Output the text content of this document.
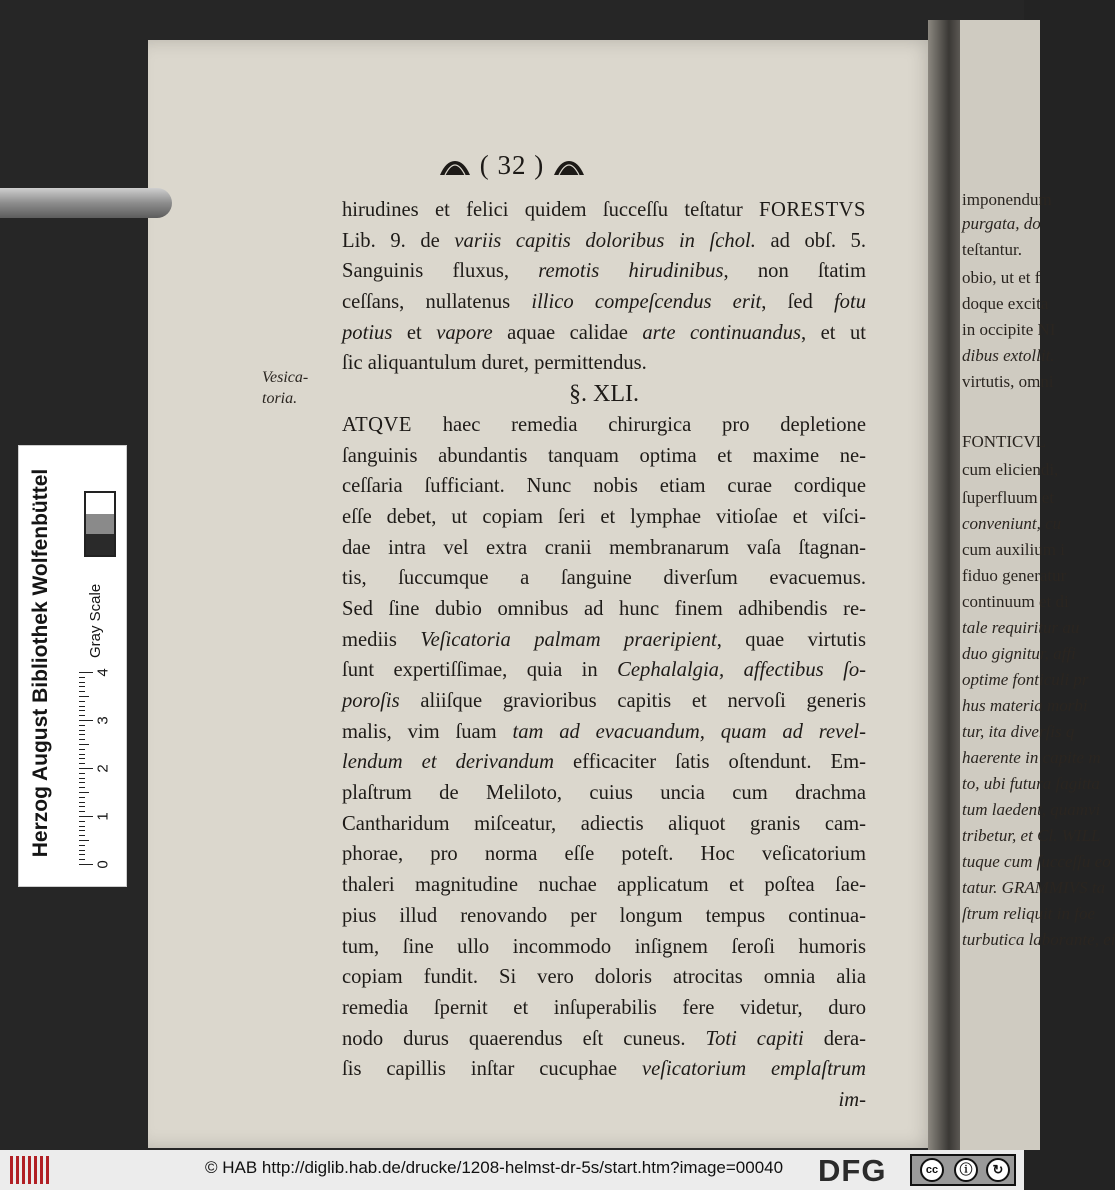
imponendum
purgata, do
teſtantur.
obio, ut et f
doque excita
in occipite NI
dibus extollit.
virtutis, omni
FONTICVL
cum eliciendi,
ſuperfluum et
conveniunt, cu
cum auxilium i
fiduo generatur
continuum et di
tale requiritur au
duo gignitur, affi
optime fonticuli pr
hus materia morbi
tur, ita diverſis q
haerente in capite m
to, ubi futura ſagitta
tum laedent, quamvi
tribetur, et Cl. WILL
tuque cum ſucceſſu eo
tatur. GRAMMIVS ta
ſtrum reliquit in foe
turbutica laborante, ei
( 32 )
Vesica-
toria.
hirudines et felici quidem ſucceſſu teſtatur FORESTVS
Lib. 9. de variis capitis doloribus in ſchol. ad obſ. 5.
Sanguinis fluxus, remotis hirudinibus, non ſtatim
ceſſans, nullatenus illico compeſcendus erit, ſed fotu
potius et vapore aquae calidae arte continuandus, et ut
ſic aliquantulum duret, permittendus.
§. XLI.
ATQVE haec remedia chirurgica pro depletione
ſanguinis abundantis tanquam optima et maxime ne-
ceſſaria ſufficiant. Nunc nobis etiam curae cordique
eſſe debet, ut copiam ſeri et lymphae vitioſae et viſci-
dae intra vel extra cranii membranarum vaſa ſtagnan-
tis, ſuccumque a ſanguine diverſum evacuemus.
Sed ſine dubio omnibus ad hunc finem adhibendis re-
mediis Veſicatoria palmam praeripient, quae virtutis
ſunt expertiſſimae, quia in Cephalalgia, affectibus ſo-
poroſis aliiſque gravioribus capitis et nervoſi generis
malis, vim ſuam tam ad evacuandum, quam ad revel-
lendum et derivandum efficaciter ſatis oſtendunt. Em-
plaſtrum de Meliloto, cuius uncia cum drachma
Cantharidum miſceatur, adiectis aliquot granis cam-
phorae, pro norma eſſe poteſt. Hoc veſicatorium
thaleri magnitudine nuchae applicatum et poſtea ſae-
pius illud renovando per longum tempus continua-
tum, ſine ullo incommodo inſignem ſeroſi humoris
copiam fundit. Si vero doloris atrocitas omnia alia
remedia ſpernit et inſuperabilis fere videtur, duro
nodo durus quaerendus eſt cuneus. Toti capiti dera-
ſis capillis inſtar cucuphae veſicatorium emplaſtrum
im-
Herzog August Bibliothek Wolfenbüttel	Gray Scale
0
1
2
3
4
© HAB http://diglib.hab.de/drucke/1208-helmst-dr-5s/start.htm?image=00040 DFG	cc	ⓘ	↻
